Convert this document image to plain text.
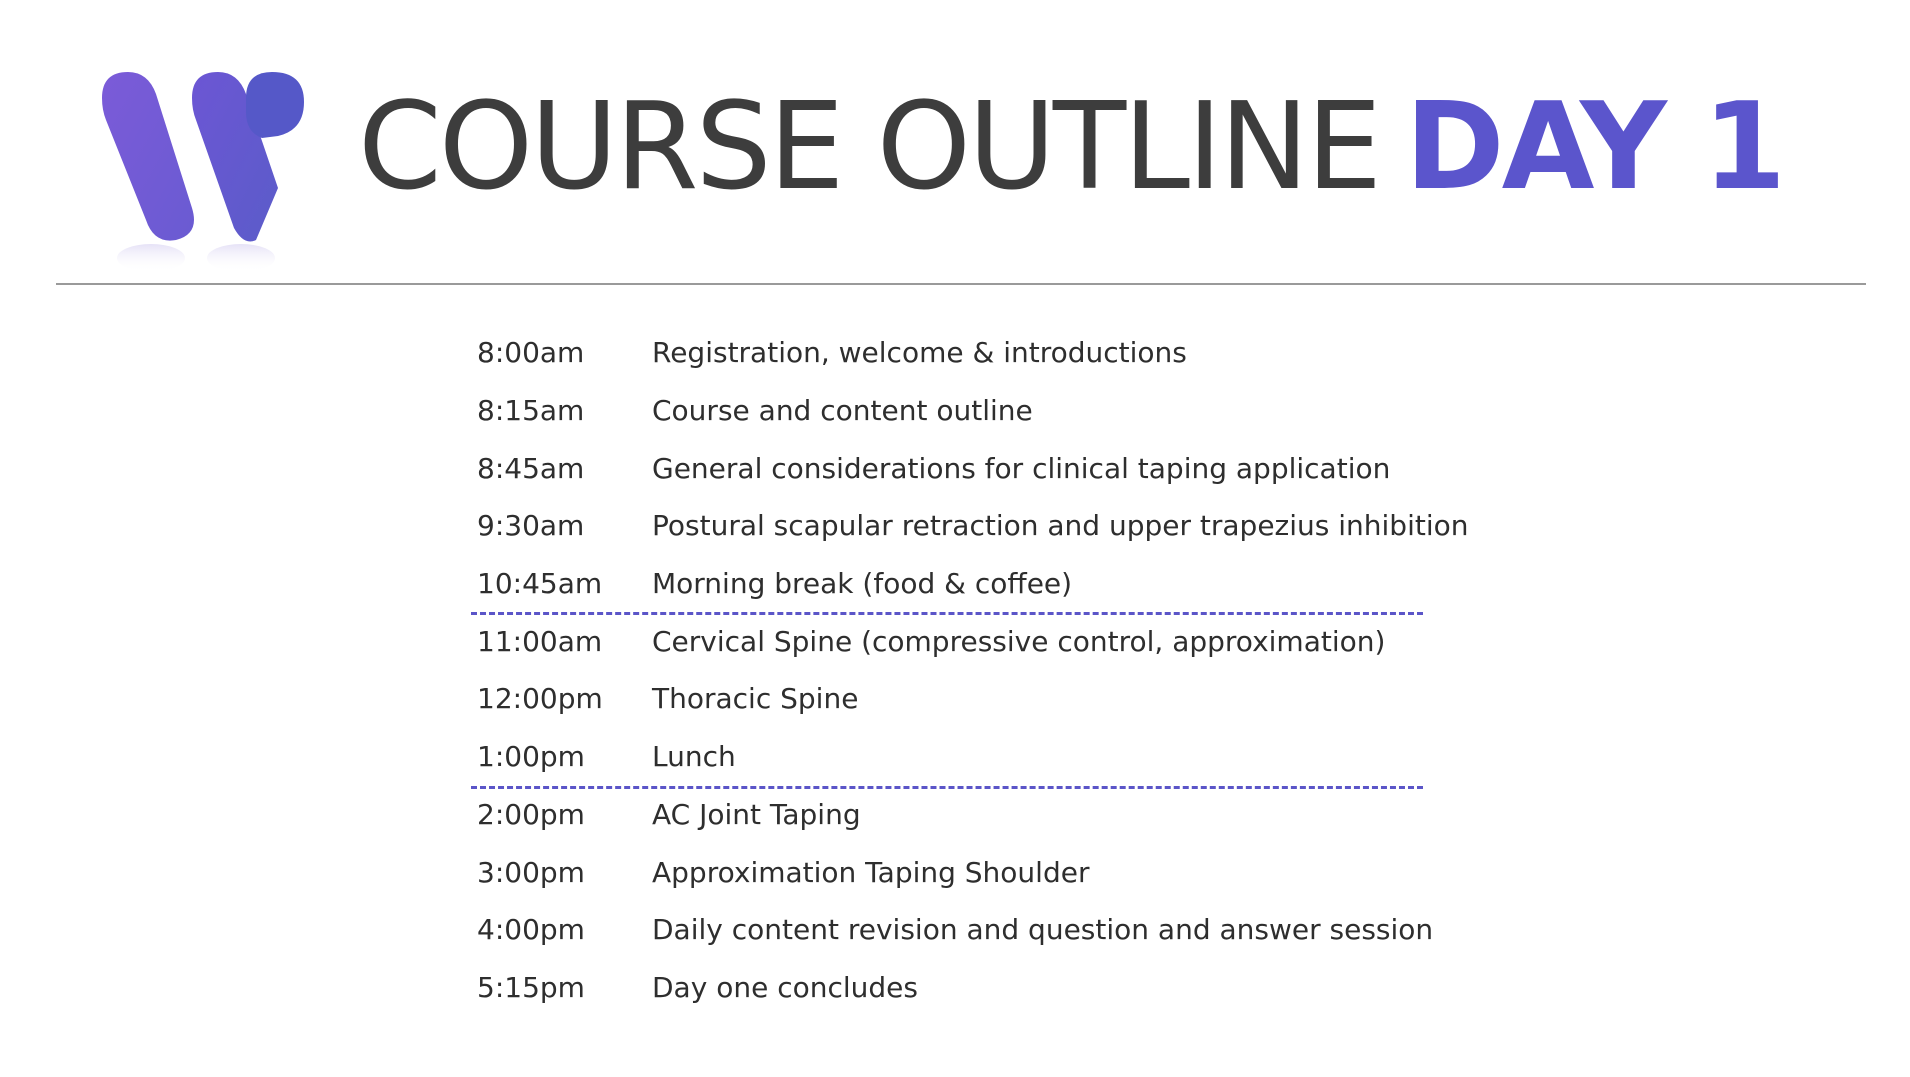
COURSE OUTLINE DAY 1
8:00am	Registration, welcome & introductions
8:15am	Course and content outline
8:45am	General considerations for clinical taping application
9:30am	Postural scapular retraction and upper trapezius inhibition
10:45am	Morning break (food & coffee)
11:00am	Cervical Spine (compressive control, approximation)
12:00pm	Thoracic Spine
1:00pm	Lunch
2:00pm	AC Joint Taping
3:00pm	Approximation Taping Shoulder
4:00pm	Daily content revision and question and answer session
5:15pm	Day one concludes
